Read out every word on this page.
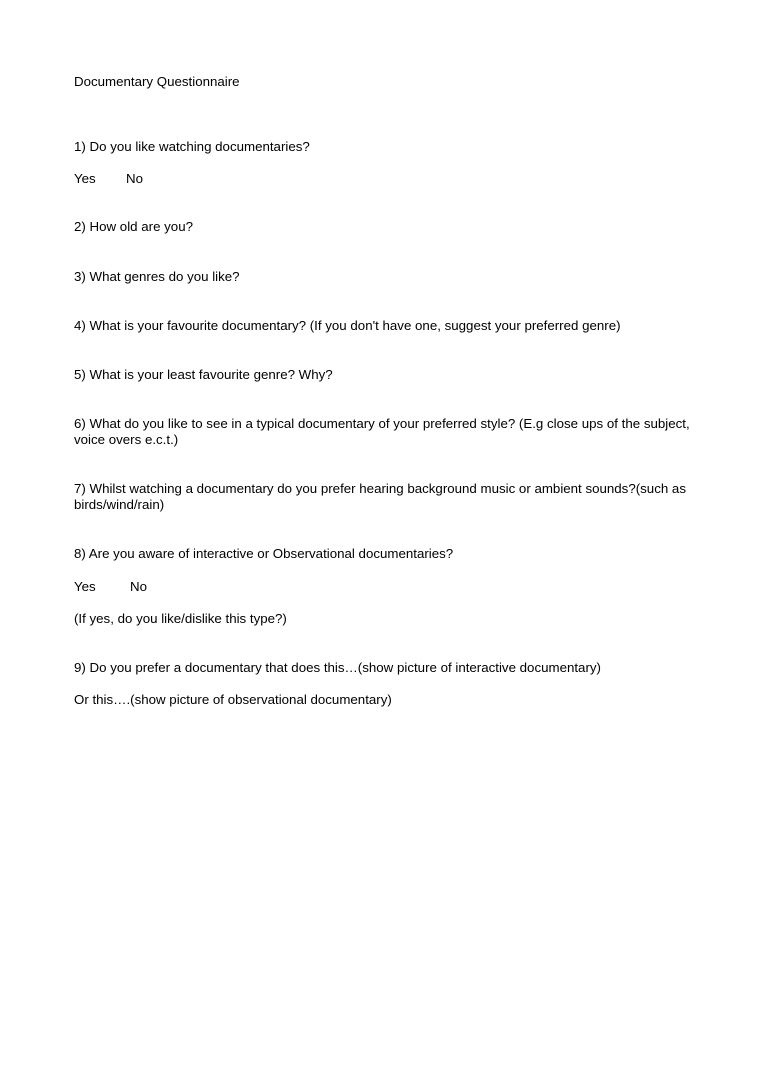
Documentary Questionnaire
1) Do you like watching documentaries?
Yes No
2) How old are you?
3) What genres do you like?
4) What is your favourite documentary? (If you don't have one, suggest your preferred genre)
5) What is your least favourite genre? Why?
6) What do you like to see in a typical documentary of your preferred style? (E.g close ups of the subject, voice overs e.c.t.)
7) Whilst watching a documentary do you prefer hearing background music or ambient sounds?(such as birds/wind/rain)
8) Are you aware of interactive or Observational documentaries?
Yes	No
(If yes, do you like/dislike this type?)
9) Do you prefer a documentary that does this…(show picture of interactive documentary)
Or this….(show picture of observational documentary)
